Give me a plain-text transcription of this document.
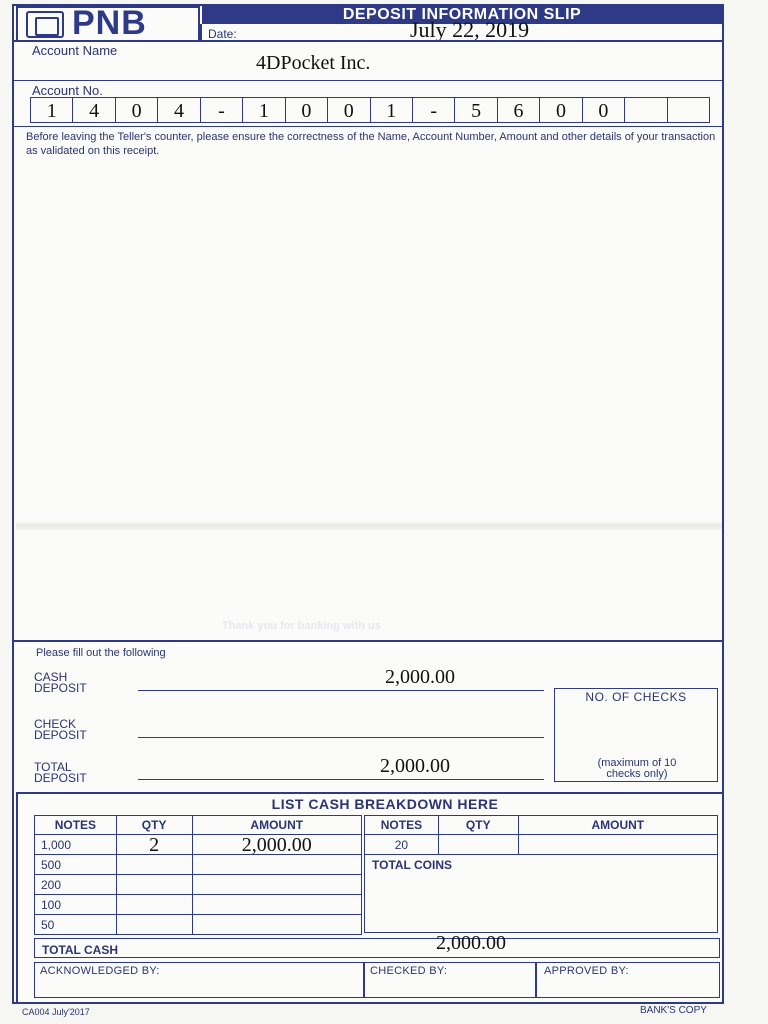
PNB	DEPOSIT INFORMATION SLIP
Date:	July 22, 2019
Account Name
4DPocket Inc.
Account No.
1	4	0	4	-	1	0	0	1	-	5	6	0	0
Before leaving the Teller's counter, please ensure the correctness of the Name, Account Number, Amount and other details of your transaction as validated on this receipt.
Thank you for banking with us
Please fill out the following
CASH
DEPOSIT	2,000.00
CHECK
DEPOSIT
TOTAL
DEPOSIT
2,000.00
NO. OF CHECKS
(maximum of 10
checks only)
LIST CASH BREAKDOWN HERE
NOTES	QTY	AMOUNT
1,000	2	2,000.00
500		
200		
100		
50		
NOTES	QTY	AMOUNT
20		
TOTAL COINS
TOTAL CASH	2,000.00
ACKNOWLEDGED BY:	CHECKED BY:	APPROVED BY:
CA004 July'2017	BANK'S COPY
